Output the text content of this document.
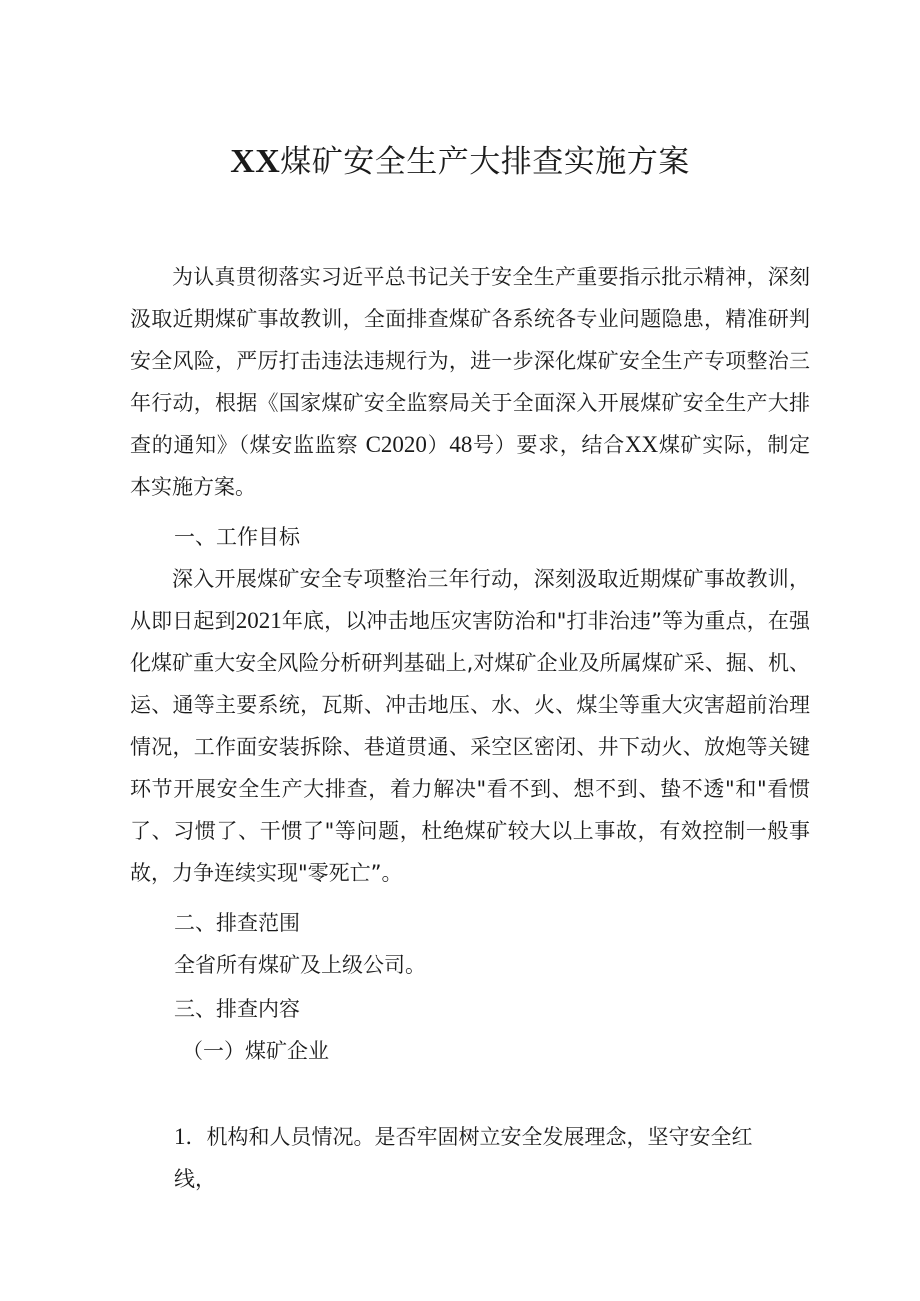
XX煤矿安全生产大排查实施方案

为认真贯彻落实习近平总书记关于安全生产重要指示批示精神，深刻汲取近期煤矿事故教训，全面排查煤矿各系统各专业问题隐患，精准研判安全风险，严厉打击违法违规行为，进一步深化煤矿安全生产专项整治三年行动，根据《国家煤矿安全监察局关于全面深入开展煤矿安全生产大排查的通知》（煤安监监察 C2020）48号）要求，结合XX煤矿实际，制定本实施方案。

一、工作目标

深入开展煤矿安全专项整治三年行动，深刻汲取近期煤矿事故教训，从即日起到2021年底，以冲击地压灾害防治和"打非治违”等为重点，在强化煤矿重大安全风险分析研判基础上,对煤矿企业及所属煤矿采、掘、机、运、通等主要系统，瓦斯、冲击地压、水、火、煤尘等重大灾害超前治理情况，工作面安装拆除、巷道贯通、采空区密闭、井下动火、放炮等关键环节开展安全生产大排查，着力解决"看不到、想不到、蛰不透"和"看惯了、习惯了、干惯了"等问题，杜绝煤矿较大以上事故，有效控制一般事故，力争连续实现"零死亡”。

二、排查范围

全省所有煤矿及上级公司。

三、排查内容

（一）煤矿企业

1．机构和人员情况。是否牢固树立安全发展理念，坚守安全红线，
